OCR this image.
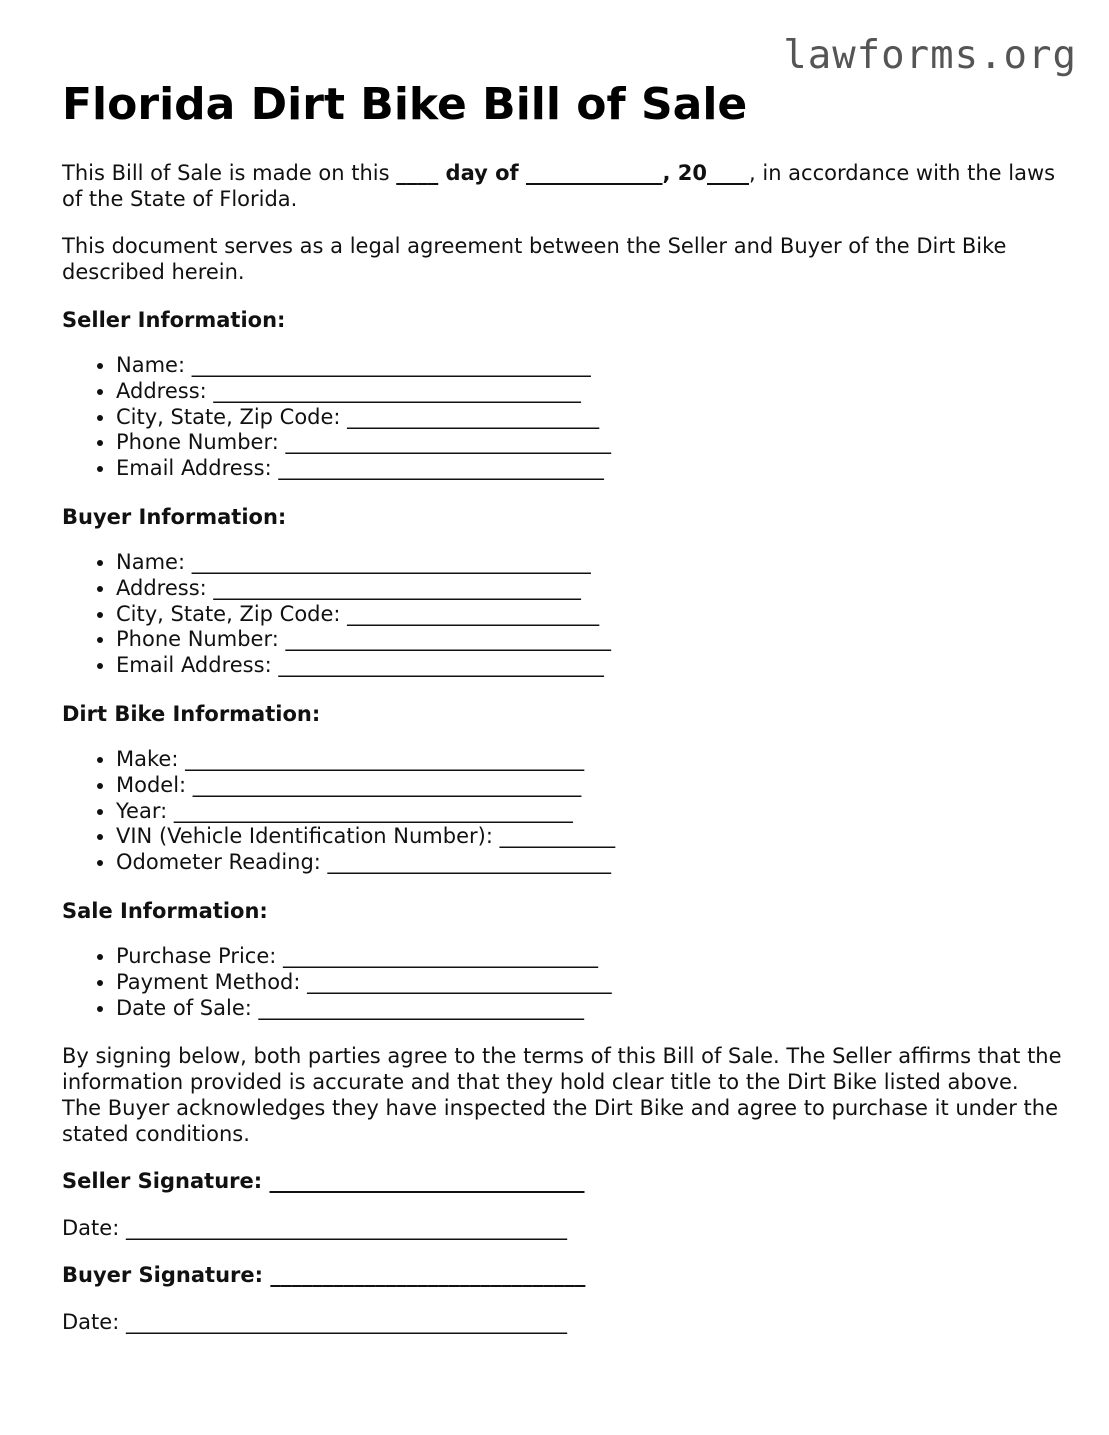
lawforms.org
Florida Dirt Bike Bill of Sale

This Bill of Sale is made on this ____ day of _____________, 20____, in accordance with the laws of the State of Florida.

This document serves as a legal agreement between the Seller and Buyer of the Dirt Bike described herein.

Seller Information:
• Name: ______________________________________
• Address: ___________________________________
• City, State, Zip Code: ________________________
• Phone Number: _______________________________
• Email Address: _______________________________
Buyer Information:
• Name: ______________________________________
• Address: ___________________________________
• City, State, Zip Code: ________________________
• Phone Number: _______________________________
• Email Address: _______________________________
Dirt Bike Information:
• Make: ______________________________________
• Model: _____________________________________
• Year: ______________________________________
• VIN (Vehicle Identification Number): ___________
• Odometer Reading: ___________________________
Sale Information:
• Purchase Price: ______________________________
• Payment Method: _____________________________
• Date of Sale: _______________________________

By signing below, both parties agree to the terms of this Bill of Sale. The Seller affirms that the information provided is accurate and that they hold clear title to the Dirt Bike listed above. The Buyer acknowledges they have inspected the Dirt Bike and agree to purchase it under the stated conditions.

Seller Signature: ______________________________
Date: __________________________________________
Buyer Signature: ______________________________
Date: __________________________________________
